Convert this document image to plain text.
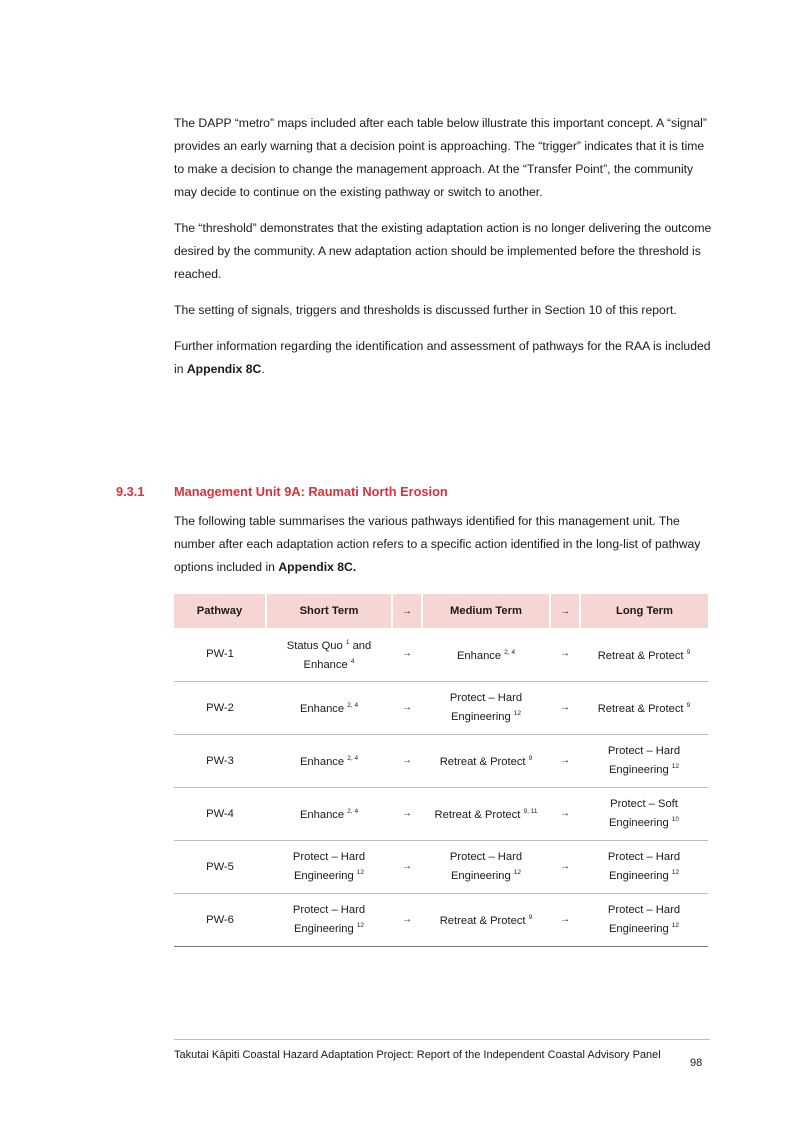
The DAPP “metro” maps included after each table below illustrate this important concept. A “signal” provides an early warning that a decision point is approaching. The “trigger” indicates that it is time to make a decision to change the management approach. At the “Transfer Point”, the community may decide to continue on the existing pathway or switch to another.

The “threshold” demonstrates that the existing adaptation action is no longer delivering the outcome desired by the community. A new adaptation action should be implemented before the threshold is reached.

The setting of signals, triggers and thresholds is discussed further in Section 10 of this report.

Further information regarding the identification and assessment of pathways for the RAA is included in Appendix 8C.

9.3.1	Management Unit 9A: Raumati North Erosion

The following table summarises the various pathways identified for this management unit. The number after each adaptation action refers to a specific action identified in the long-list of pathway options included in Appendix 8C.

Pathway	Short Term	→	Medium Term	→	Long Term
PW-1	Status Quo $^1$ and
Enhance $^4$	→	Enhance $^{2, 4}$	→	Retreat & Protect $^9$
PW-2	Enhance $^{2, 4}$	→	Protect – Hard
Engineering $^{12}$	→	Retreat & Protect $^9$
PW-3	Enhance $^{2, 4}$	→	Retreat & Protect $^9$	→	Protect – Hard
Engineering $^{12}$
PW-4	Enhance $^{2, 4}$	→	Retreat & Protect $^{9, 11}$	→	Protect – Soft
Engineering $^{10}$
PW-5	Protect – Hard
Engineering $^{12}$	→	Protect – Hard
Engineering $^{12}$	→	Protect – Hard
Engineering $^{12}$
PW-6	Protect – Hard
Engineering $^{12}$	→	Retreat & Protect $^9$	→	Protect – Hard
Engineering $^{12}$
Takutai Kāpiti Coastal Hazard Adaptation Project: Report of the Independent Coastal Advisory Panel
98
